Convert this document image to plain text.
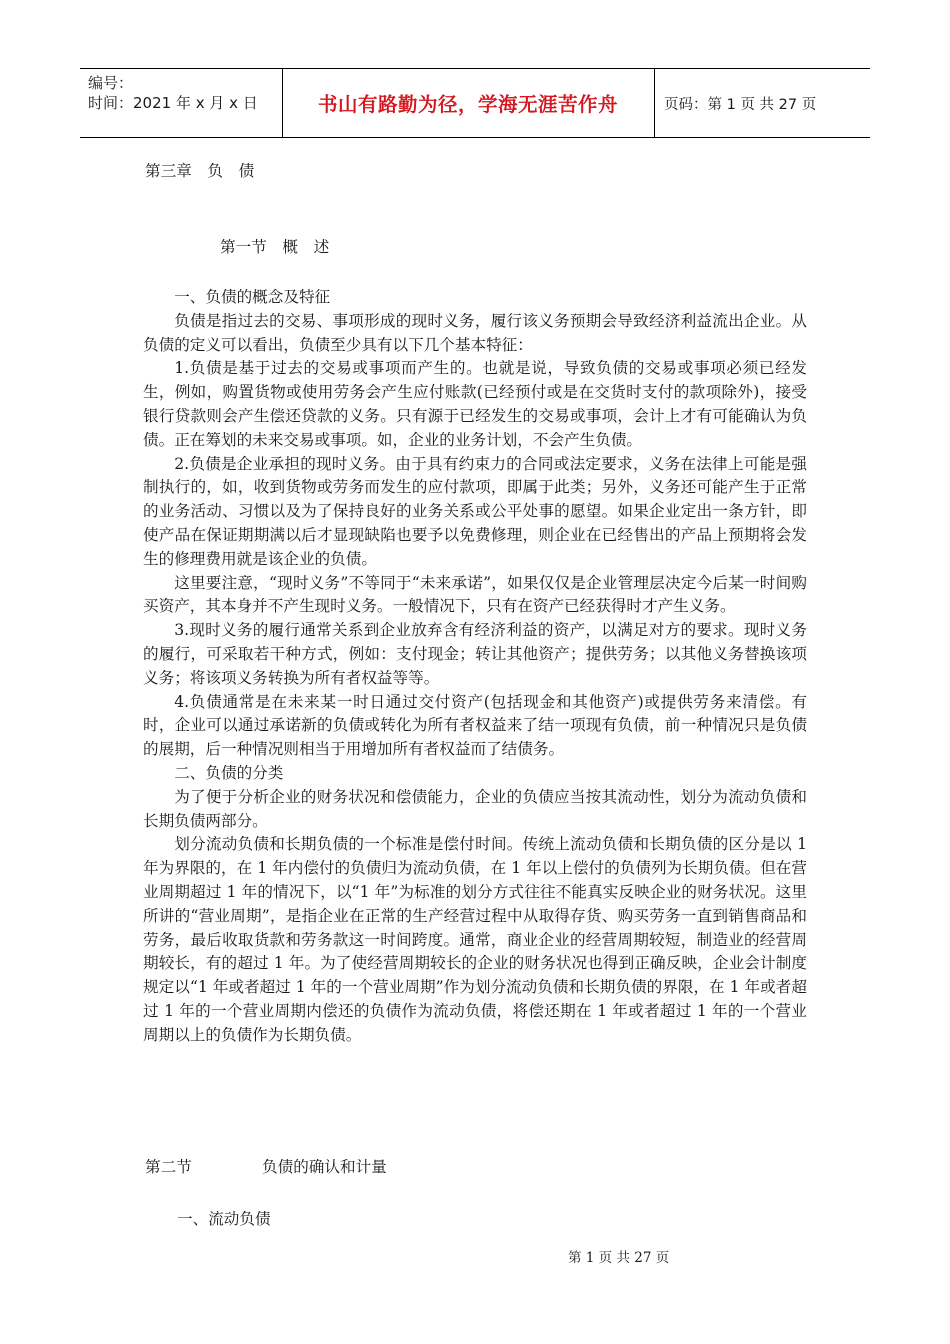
编号：
时间：2021 年 x 月 x 日	书山有路勤为径，学海无涯苦作舟	页码：第 1 页 共 27 页
第三章　负　债
第一节　概　述

一、负债的概念及特征

负债是指过去的交易、事项形成的现时义务，履行该义务预期会导致经济利益流出企业。从负债的定义可以看出，负债至少具有以下几个基本特征：

1.负债是基于过去的交易或事项而产生的。也就是说，导致负债的交易或事项必须已经发生，例如，购置货物或使用劳务会产生应付账款(已经预付或是在交货时支付的款项除外)，接受银行贷款则会产生偿还贷款的义务。只有源于已经发生的交易或事项，会计上才有可能确认为负债。正在筹划的未来交易或事项。如，企业的业务计划，不会产生负债。

2.负债是企业承担的现时义务。由于具有约束力的合同或法定要求，义务在法律上可能是强制执行的，如，收到货物或劳务而发生的应付款项，即属于此类；另外，义务还可能产生于正常的业务活动、习惯以及为了保持良好的业务关系或公平处事的愿望。如果企业定出一条方针，即使产品在保证期期满以后才显现缺陷也要予以免费修理，则企业在已经售出的产品上预期将会发生的修理费用就是该企业的负债。

这里要注意，“现时义务”不等同于“未来承诺”，如果仅仅是企业管理层决定今后某一时间购买资产，其本身并不产生现时义务。一般情况下，只有在资产已经获得时才产生义务。

3.现时义务的履行通常关系到企业放弃含有经济利益的资产，以满足对方的要求。现时义务的履行，可采取若干种方式，例如：支付现金；转让其他资产；提供劳务；以其他义务替换该项义务；将该项义务转换为所有者权益等等。

4.负债通常是在未来某一时日通过交付资产(包括现金和其他资产)或提供劳务来清偿。有时，企业可以通过承诺新的负债或转化为所有者权益来了结一项现有负债，前一种情况只是负债的展期，后一种情况则相当于用增加所有者权益而了结债务。

二、负债的分类

为了便于分析企业的财务状况和偿债能力，企业的负债应当按其流动性，划分为流动负债和长期负债两部分。

划分流动负债和长期负债的一个标准是偿付时间。传统上流动负债和长期负债的区分是以 1 年为界限的，在 1 年内偿付的负债归为流动负债，在 1 年以上偿付的负债列为长期负债。但在营业周期超过 1 年的情况下，以“1 年”为标准的划分方式往往不能真实反映企业的财务状况。这里所讲的“营业周期”，是指企业在正常的生产经营过程中从取得存货、购买劳务一直到销售商品和劳务，最后收取货款和劳务款这一时间跨度。通常，商业企业的经营周期较短，制造业的经营周期较长，有的超过 1 年。为了使经营周期较长的企业的财务状况也得到正确反映，企业会计制度规定以“1 年或者超过 1 年的一个营业周期”作为划分流动负债和长期负债的界限，在 1 年或者超过 1 年的一个营业周期内偿还的负债作为流动负债，将偿还期在 1 年或者超过 1 年的一个营业周期以上的负债作为长期负债。

第二节	负债的确认和计量
一、流动负债
第 1 页 共 27 页
